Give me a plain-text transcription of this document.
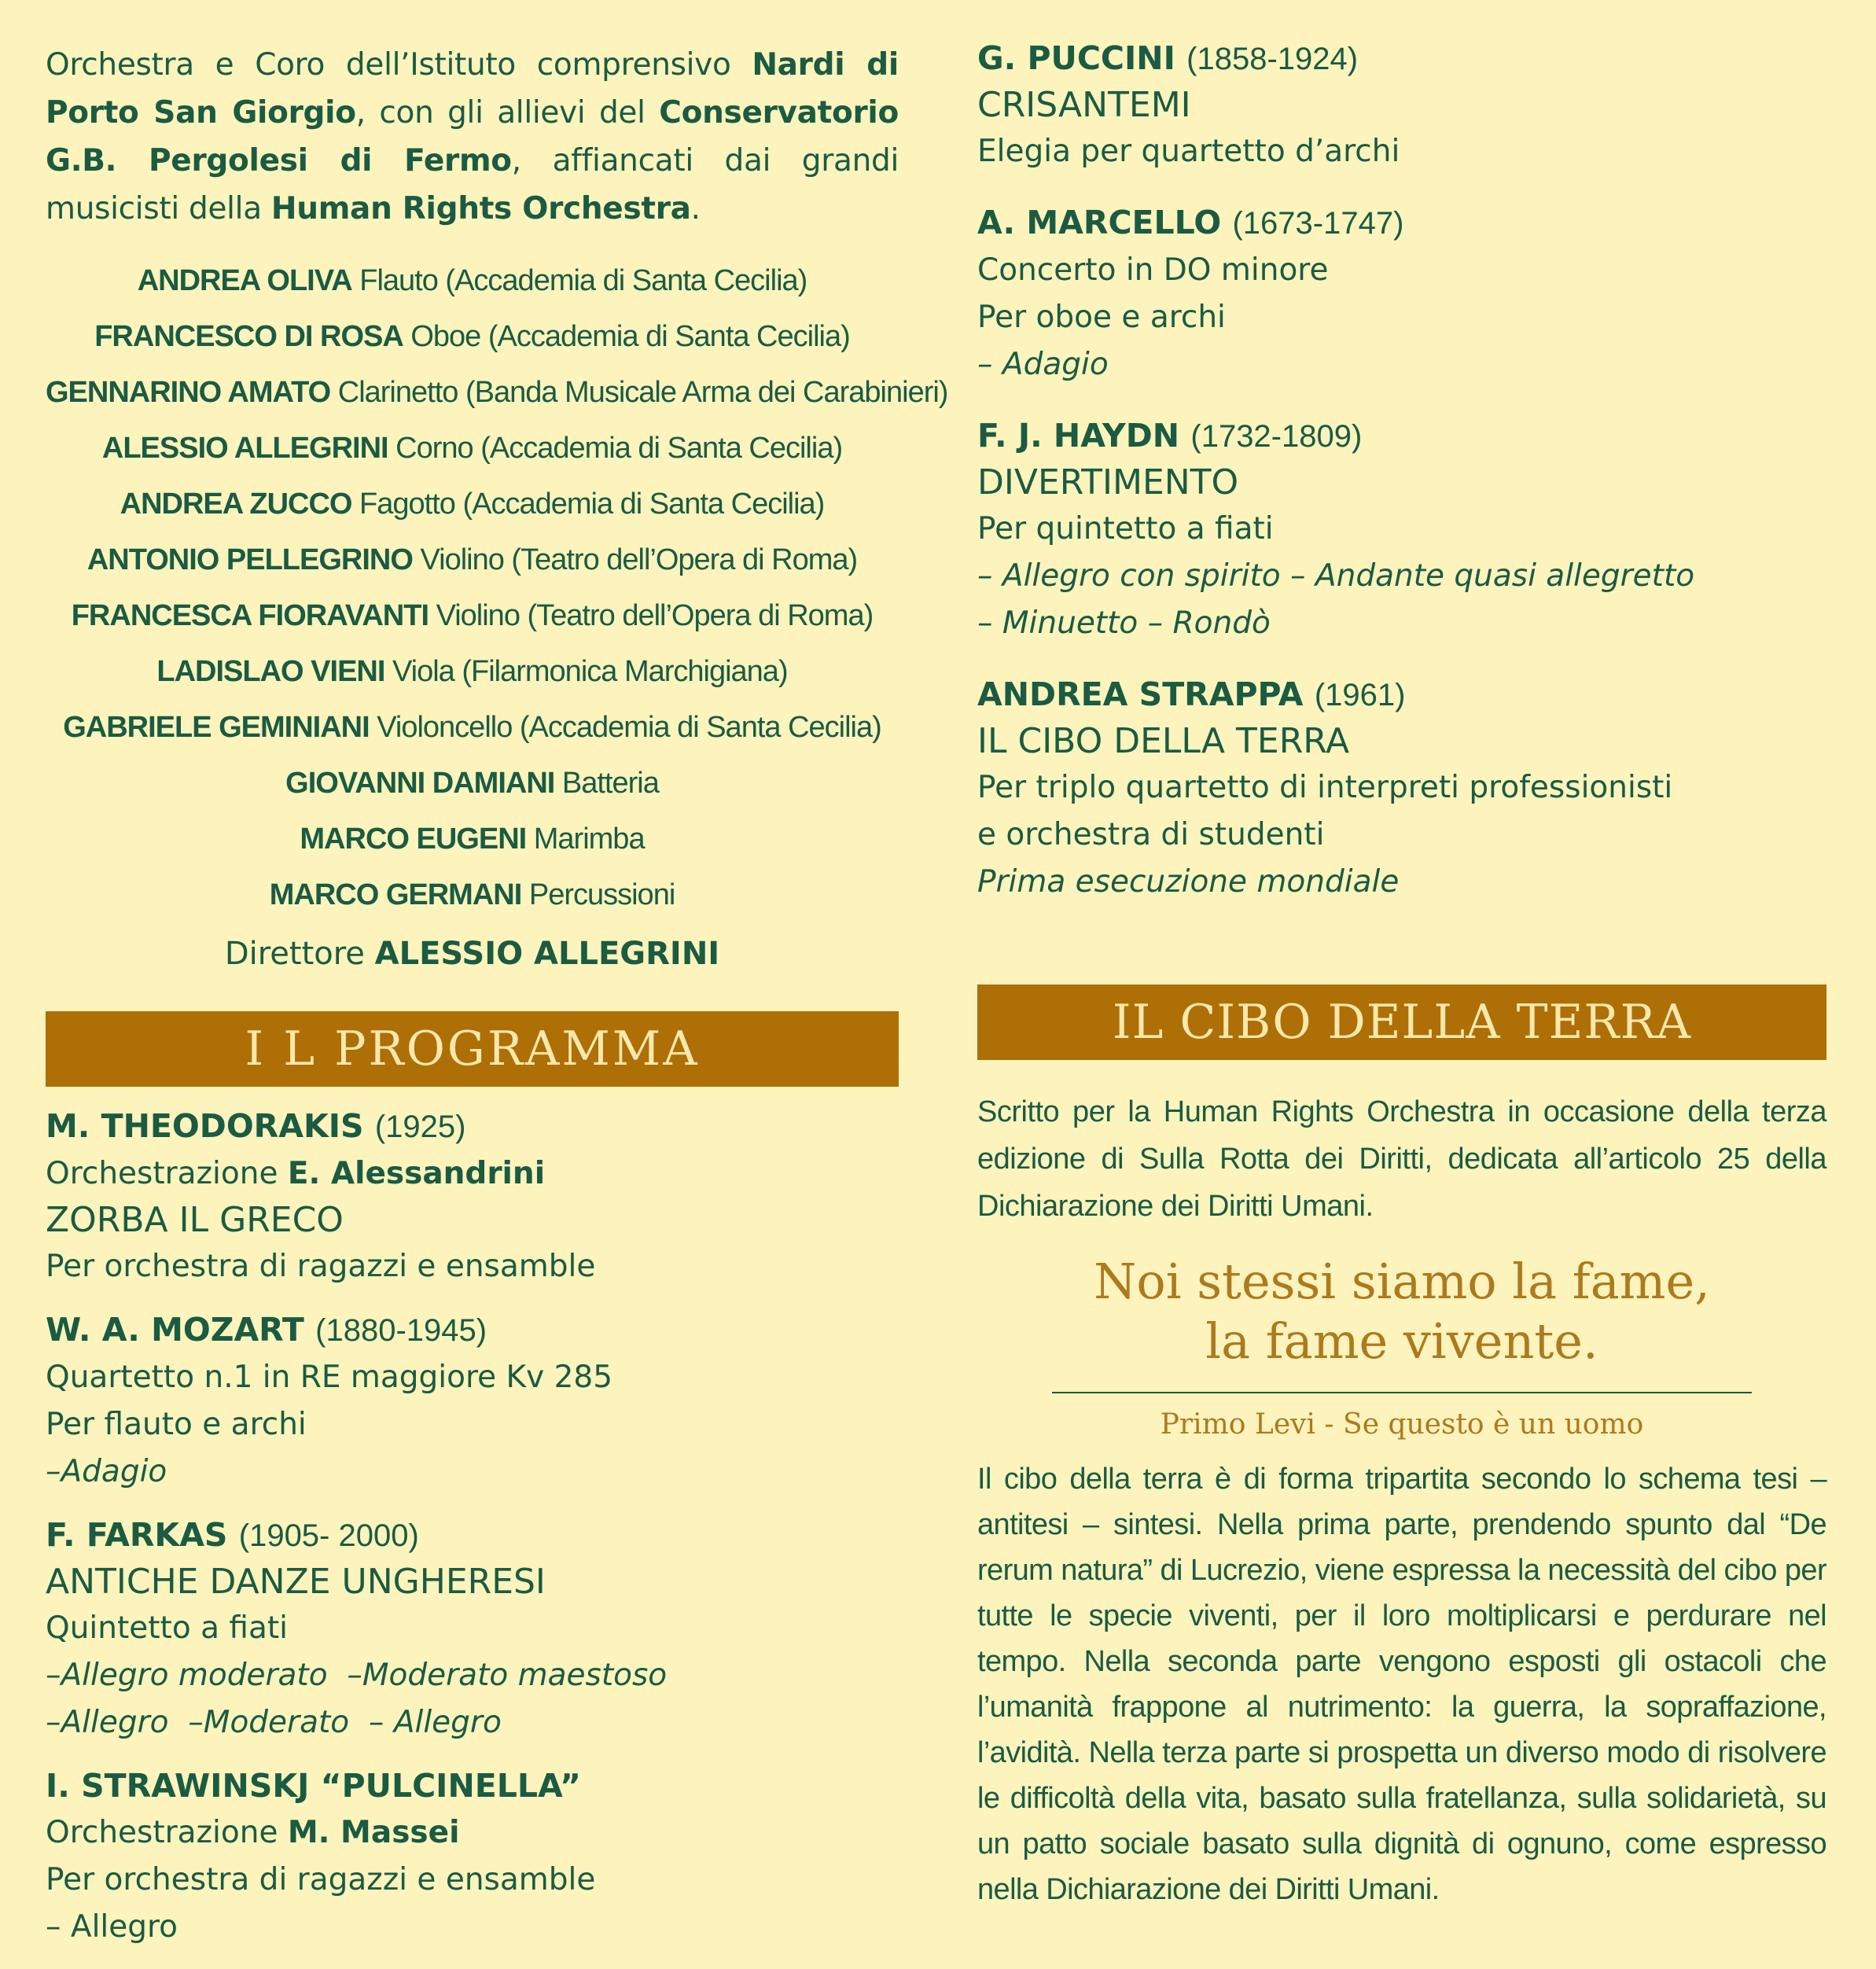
Orchestra e Coro dell’Istituto comprensivo Nardi di Porto San Giorgio, con gli allievi del Conservatorio G.B. Pergolesi di Fermo, affiancati dai grandi musicisti della Human Rights Orchestra.
ANDREA OLIVA Flauto (Accademia di Santa Cecilia)
FRANCESCO DI ROSA Oboe (Accademia di Santa Cecilia)
GENNARINO AMATO Clarinetto (Banda Musicale Arma dei Carabinieri)
ALESSIO ALLEGRINI Corno (Accademia di Santa Cecilia)
ANDREA ZUCCO Fagotto (Accademia di Santa Cecilia)
ANTONIO PELLEGRINO Violino (Teatro dell’Opera di Roma)
FRANCESCA FIORAVANTI Violino (Teatro dell’Opera di Roma)
LADISLAO VIENI Viola (Filarmonica Marchigiana)
GABRIELE GEMINIANI Violoncello (Accademia di Santa Cecilia)
GIOVANNI DAMIANI Batteria
MARCO EUGENI Marimba
MARCO GERMANI Percussioni
Direttore ALESSIO ALLEGRINI
I L PROGRAMMA
M. THEODORAKIS (1925)
Orchestrazione E. Alessandrini
ZORBA IL GRECO
Per orchestra di ragazzi e ensamble
W. A. MOZART (1880-1945)
Quartetto n.1 in RE maggiore Kv 285
Per flauto e archi
–Adagio
F. FARKAS (1905- 2000)
ANTICHE DANZE UNGHERESI
Quintetto a fiati
–Allegro moderato  –Moderato maestoso
–Allegro  –Moderato  – Allegro
I. STRAWINSKJ “PULCINELLA”
Orchestrazione M. Massei
Per orchestra di ragazzi e ensamble
– Allegro
G. PUCCINI (1858-1924)
CRISANTEMI
Elegia per quartetto d’archi
A. MARCELLO (1673-1747)
Concerto in DO minore
Per oboe e archi
– Adagio
F. J. HAYDN (1732-1809)
DIVERTIMENTO
Per quintetto a fiati
– Allegro con spirito – Andante quasi allegretto
– Minuetto – Rondò
ANDREA STRAPPA (1961)
IL CIBO DELLA TERRA
Per triplo quartetto di interpreti professionisti
e orchestra di studenti
Prima esecuzione mondiale
IL CIBO DELLA TERRA
Scritto per la Human Rights Orchestra in occasione della terza edizione di Sulla Rotta dei Diritti, dedicata all’articolo 25 della Dichiarazione dei Diritti Umani.
Noi stessi siamo la fame,
la fame vivente.
Primo Levi - Se questo è un uomo
Il cibo della terra è di forma tripartita secondo lo schema tesi – antitesi – sintesi. Nella prima parte, prendendo spunto dal “De rerum natura” di Lucrezio, viene espressa la necessità del cibo per tutte le specie viventi, per il loro moltiplicarsi e perdurare nel tempo. Nella seconda parte vengono esposti gli ostacoli che l’umanità frappone al nutrimento: la guerra, la sopraffazione, l’avidità. Nella terza parte si prospetta un diverso modo di risolvere le difficoltà della vita, basato sulla fratellanza, sulla solidarietà, su un patto sociale basato sulla dignità di ognuno, come espresso nella Dichiarazione dei Diritti Umani.
